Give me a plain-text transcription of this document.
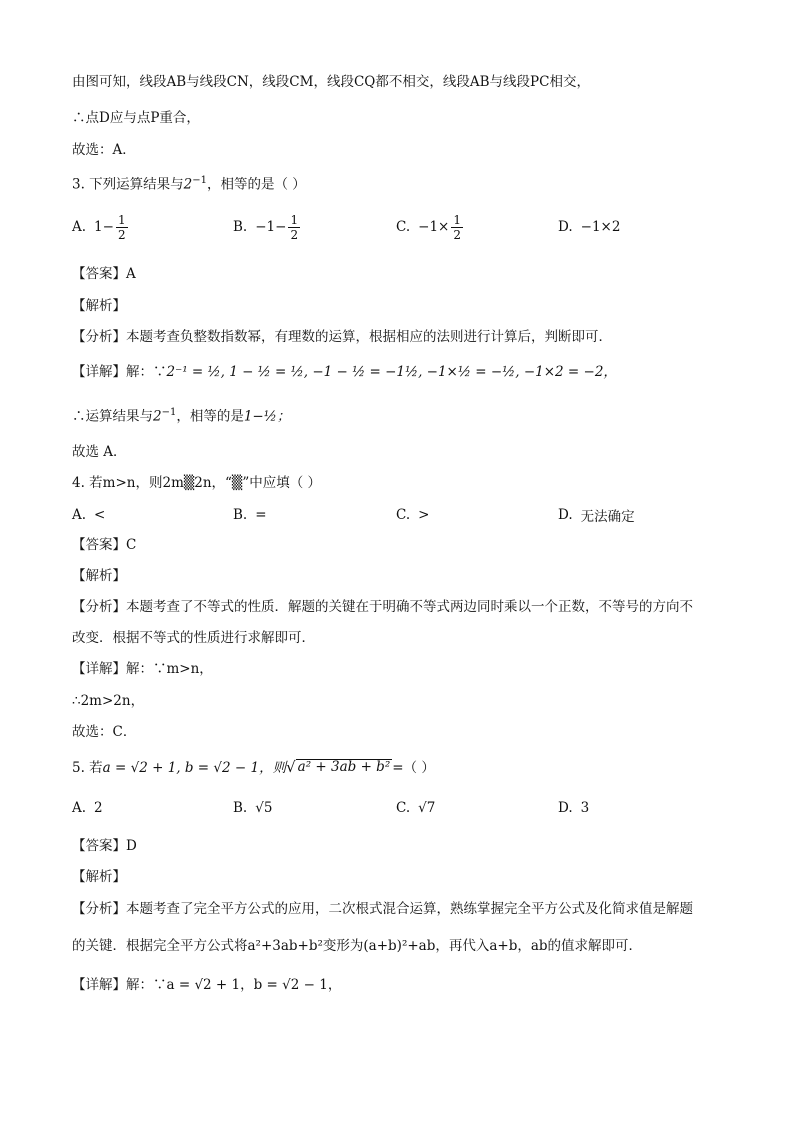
由图可知，线段AB与线段CN，线段CM，线段CQ都不相交，线段AB与线段PC相交，
∴点D应与点P重合，
故选：A．
3. 下列运算结果与$2^{-1}$，相等的是（ ）
A. $1- \frac{1}{2}$	B. $-1- \frac{1}{2}$	C. $-1\times \frac{1}{2}$	D. −1×2
【答案】A
【解析】
【分析】本题考查负整数指数幂，有理数的运算，根据相应的法则进行计算后，判断即可．
【详解】解：∵2⁻¹ = ½, 1 − ½ = ½, −1 − ½ = −1½, −1×½ = −½, −1×2 = −2，
∴运算结果与$2^{-1}$，相等的是1−½；
故选 A．
4. 若m>n，则2m▒2n，“▒”中应填（ ）
A. <	B. =	C. >	D. 无法确定
【答案】C
【解析】
【分析】本题考查了不等式的性质．解题的关键在于明确不等式两边同时乘以一个正数，不等号的方向不
改变．根据不等式的性质进行求解即可．
【详解】解：∵m>n，
∴2m>2n，
故选：C．
5. 若a = √2 + 1, b = √2 − 1，则 √ a² + 3ab + b² =（ ）
A. 2	B. √5	C. √7	D. 3
【答案】D
【解析】
【分析】本题考查了完全平方公式的应用，二次根式混合运算，熟练掌握完全平方公式及化简求值是解题
的关键．根据完全平方公式将a²+3ab+b²变形为(a+b)²+ab，再代入a+b，ab的值求解即可．
【详解】解：∵a = √2 + 1，b = √2 − 1，
